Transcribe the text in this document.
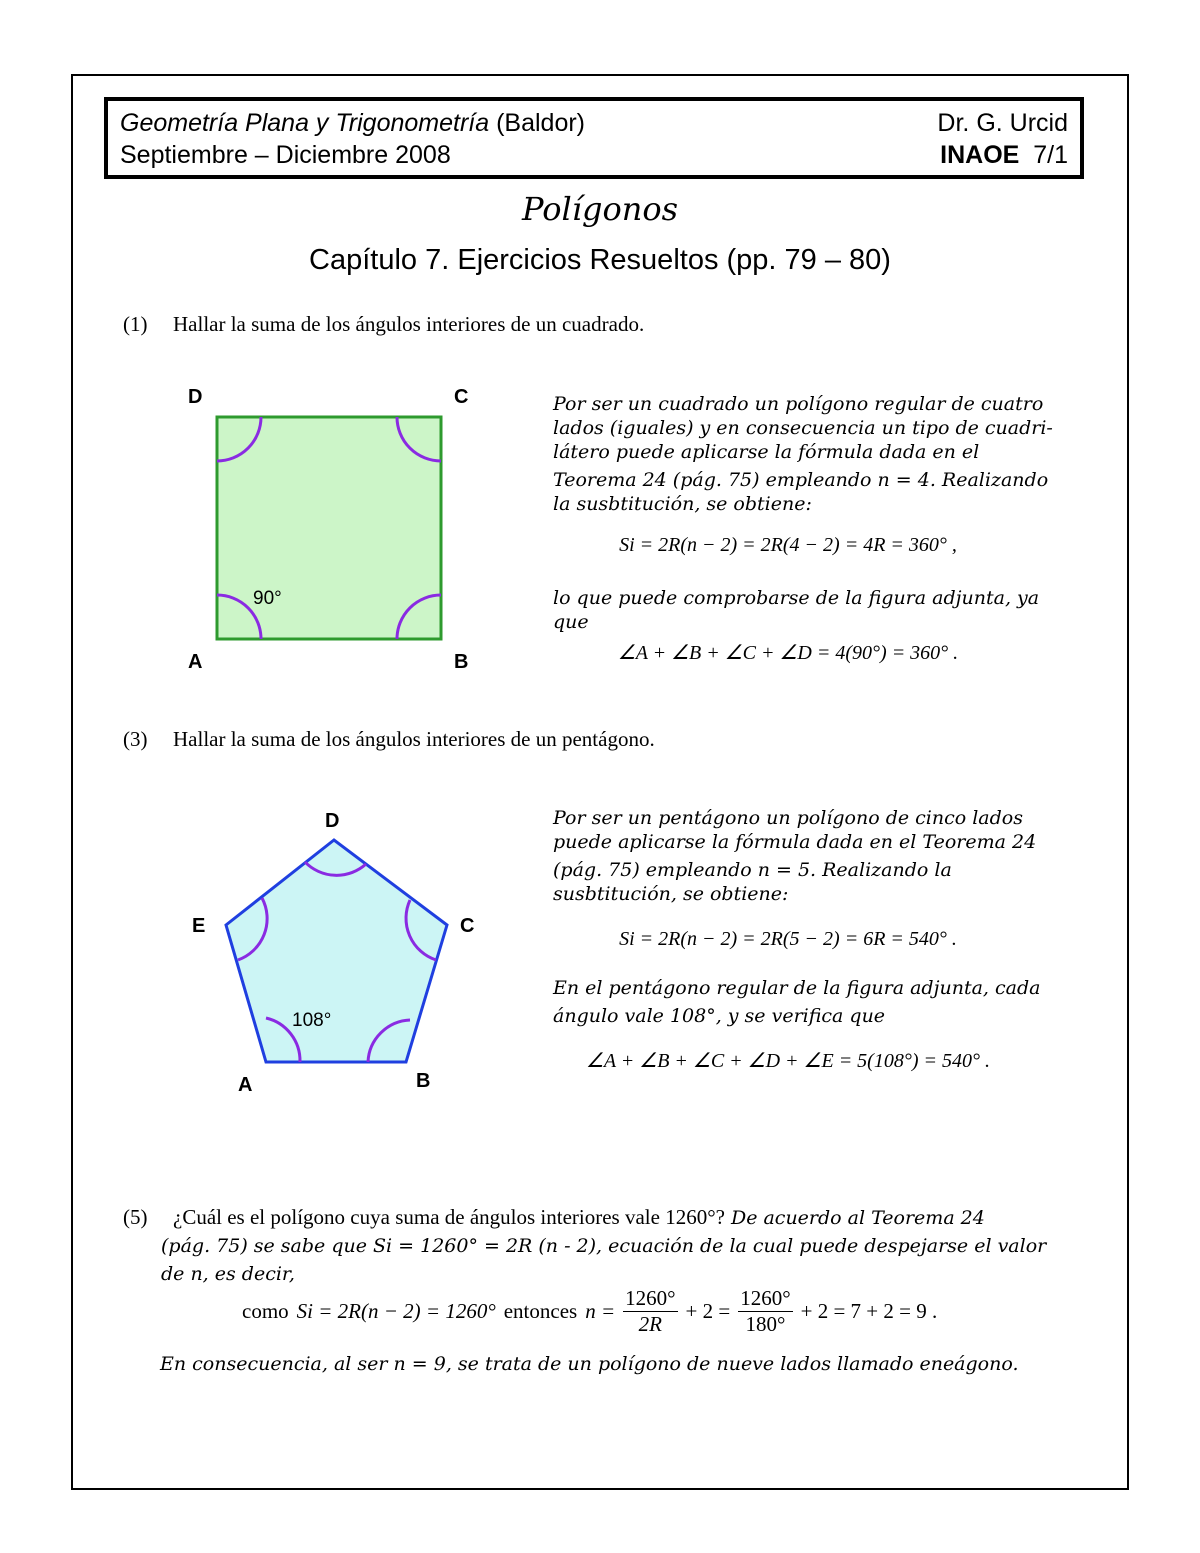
Geometría Plana y Trigonometría (Baldor)	Dr. G. Urcid
Septiembre – Diciembre 2008	INAOE 7/1
Polígonos
Capítulo 7. Ejercicios Resueltos (pp. 79 – 80)
(1) Hallar la suma de los ángulos interiores de un cuadrado.
D	C
A	B
90°
Por ser un cuadrado un polígono regular de cuatro
lados (iguales) y en consecuencia un tipo de cuadri-
látero puede aplicarse la fórmula dada en el
Teorema 24 (pág. 75) empleando n = 4. Realizando
la susbtitución, se obtiene:
Si = 2R(n − 2) = 2R(4 − 2) = 4R = 360° ,
lo que puede comprobarse de la figura adjunta, ya
que
∠A + ∠B + ∠C + ∠D = 4(90°) = 360° .
(3) Hallar la suma de los ángulos interiores de un pentágono.
D
C
E
A	B
108°
Por ser un pentágono un polígono de cinco lados
puede aplicarse la fórmula dada en el Teorema 24
(pág. 75) empleando n = 5. Realizando la
susbtitución, se obtiene:
Si = 2R(n − 2) = 2R(5 − 2) = 6R = 540° .
En el pentágono regular de la figura adjunta, cada
ángulo vale 108°, y se verifica que
∠A + ∠B + ∠C + ∠D + ∠E = 5(108°) = 540° .
(5) ¿Cuál es el polígono cuya suma de ángulos interiores vale 1260°? De acuerdo al Teorema 24
(pág. 75) se sabe que Si = 1260° = 2R (n - 2), ecuación de la cual puede despejarse el valor
de n, es decir,
como Si = 2R(n − 2) = 1260° entonces $n = \frac{1260^\circ}{2R} + 2 = \frac{1260^\circ}{180^\circ} + 2 = 7 + 2 = 9$ .
En consecuencia, al ser n = 9, se trata de un polígono de nueve lados llamado eneágono.
